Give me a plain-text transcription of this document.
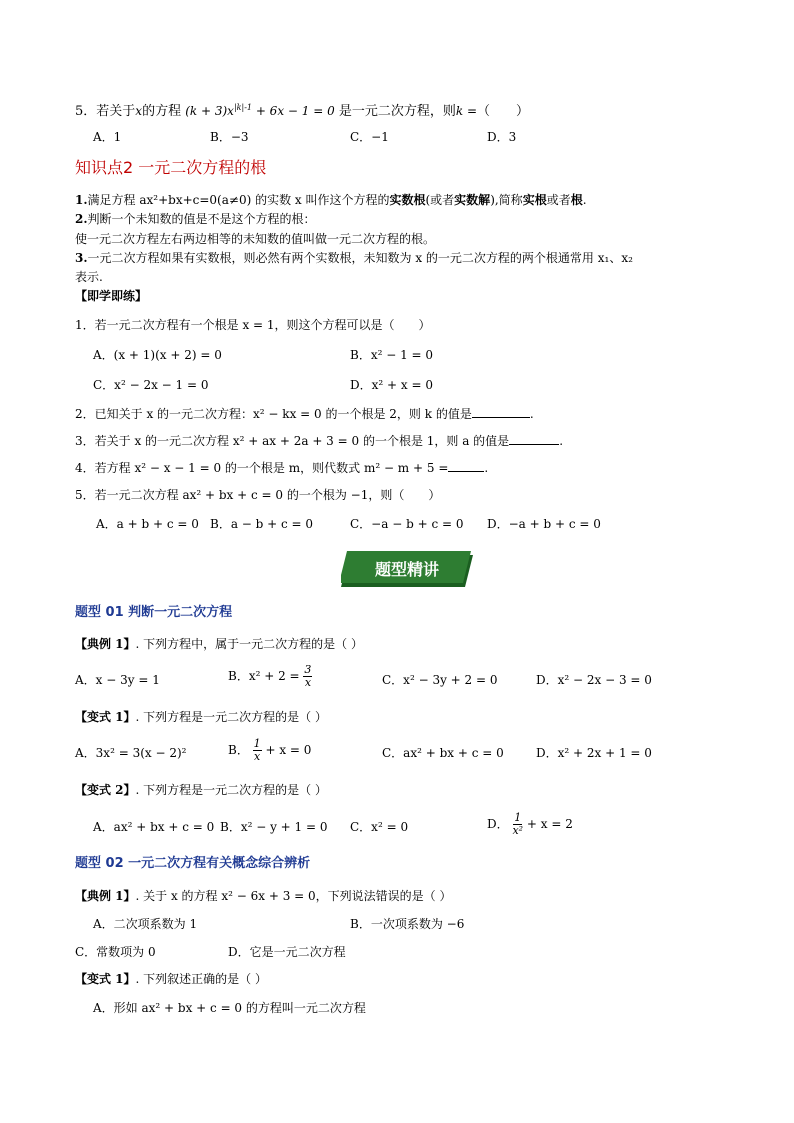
5．若关于x的方程 $(k + 3)x^{|k|-1} + 6x - 1 = 0$ 是一元二次方程，则k =（　　）
A．1	B．−3	C．−1	D．3
知识点2 一元二次方程的根
1.满足方程 ax²+bx+c=0(a≠0) 的实数 x 叫作这个方程的实数根(或者实数解),简称实根或者根.
2.判断一个未知数的值是不是这个方程的根：
使一元二次方程左右两边相等的未知数的值叫做一元二次方程的根。
3.一元二次方程如果有实数根，则必然有两个实数根，未知数为 x 的一元二次方程的两个根通常用 x₁、x₂
表示.
【即学即练】
1．若一元二次方程有一个根是 x = 1，则这个方程可以是（　　）
A．(x + 1)(x + 2) = 0	B．x² − 1 = 0
C．x² − 2x − 1 = 0	D．x² + x = 0
2．已知关于 x 的一元二次方程：x² − kx = 0 的一个根是 2，则 k 的值是	.
3．若关于 x 的一元二次方程 x² + ax + 2a + 3 = 0 的一个根是 1，则 a 的值是	.
4．若方程 x² − x − 1 = 0 的一个根是 m，则代数式 m² − m + 5 =	.
5．若一元二次方程 ax² + bx + c = 0 的一个根为 −1，则（　　）
A．a + b + c = 0 B．a − b + c = 0	C．−a − b + c = 0 D．−a + b + c = 0
题型精讲
题型 01 判断一元二次方程
【典例 1】. 下列方程中，属于一元二次方程的是（ ）
A．x − 3y = 1	B．$x^2 + 2 = \frac{3}{x}$	C．x² − 3y + 2 = 0	D．x² − 2x − 3 = 0
【变式 1】. 下列方程是一元二次方程的是（ ）
A．3x² = 3(x − 2)²	B． $\frac{1}{x} + x = 0$	C．ax² + bx + c = 0	D．x² + 2x + 1 = 0
【变式 2】. 下列方程是一元二次方程的是（ ）
A．ax² + bx + c = 0 B．x² − y + 1 = 0 C．x² = 0	D． $\frac{1}{\text{x²}} + x = 2$
题型 02 一元二次方程有关概念综合辨析
【典例 1】. 关于 x 的方程 x² − 6x + 3 = 0，下列说法错误的是（ ）
A．二次项系数为 1	B．一次项系数为 −6
C．常数项为 0	D．它是一元二次方程
【变式 1】. 下列叙述正确的是（ ）
A．形如 ax² + bx + c = 0 的方程叫一元二次方程
